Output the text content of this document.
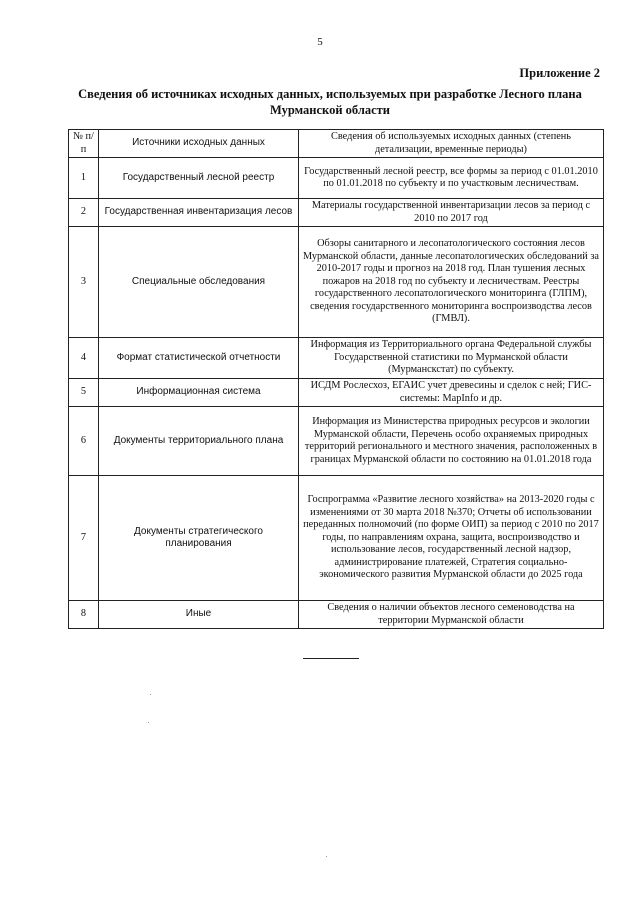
5
Приложение 2
Сведения об источниках исходных данных, используемых при разработке Лесного плана Мурманской области
№ п/п	Источники исходных данных	Сведения об используемых исходных данных (степень детализации, временные периоды)
1	Государственный лесной реестр	Государственный лесной реестр, все формы за период с 01.01.2010 по 01.01.2018 по субъекту и по участковым лесничествам.
2	Государственная инвентаризация лесов	Материалы государственной инвентаризации лесов за период с 2010 по 2017 год
3	Специальные обследования	Обзоры санитарного и лесопатологического состояния лесов Мурманской области, данные лесопатологических обследований за 2010-2017 годы и прогноз на 2018 год. План тушения лесных пожаров на 2018 год по субъекту и лесничествам. Реестры государственного лесопатологического мониторинга (ГЛПМ), сведения государственного мониторинга воспроизводства лесов (ГМВЛ).
4	Формат статистической отчетности	Информация из Территориального органа Федеральной службы Государственной статистики по Мурманской области (Мурманскстат) по субъекту.
5	Информационная система	ИСДМ Рослесхоз, ЕГАИС учет древесины и сделок с ней; ГИС-системы: MapInfo и др.
6	Документы территориального плана	Информация из Министерства природных ресурсов и экологии Мурманской области, Перечень особо охраняемых природных территорий регионального и местного значения, расположенных в границах Мурманской области по состоянию на 01.01.2018 года
7	Документы стратегического планирования	Госпрограмма «Развитие лесного хозяйства» на 2013-2020 годы с изменениями от 30 марта 2018 №370; Отчеты об использовании переданных полномочий (по форме ОИП) за период с 2010 по 2017 годы, по направлениям охрана, защита, воспроизводство и использование лесов, государственный лесной надзор, администрирование платежей, Стратегия социально-экономического развития Мурманской области до 2025 года
8	Иные	Сведения о наличии объектов лесного семеноводства на территории Мурманской области
